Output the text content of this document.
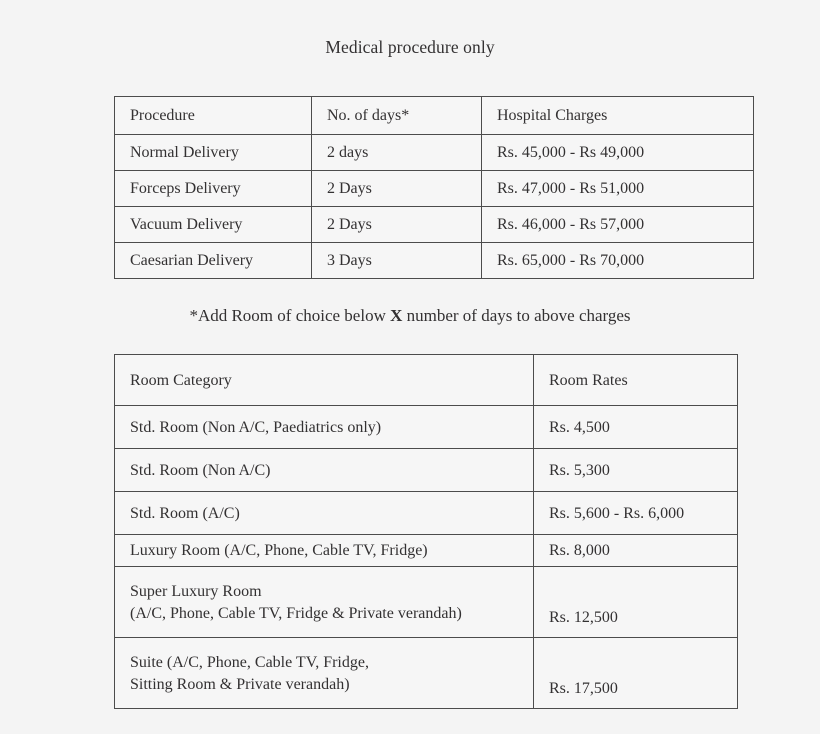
Medical procedure only
Procedure	No. of days*	Hospital Charges
Normal Delivery	2 days	Rs. 45,000 - Rs 49,000
Forceps Delivery	2 Days	Rs. 47,000 - Rs 51,000
Vacuum Delivery	2 Days	Rs. 46,000 - Rs 57,000
Caesarian Delivery	3 Days	Rs. 65,000 - Rs 70,000
*Add Room of choice below X number of days to above charges
Room Category	Room Rates
Std. Room (Non A/C, Paediatrics only)	Rs. 4,500
Std. Room (Non A/C)	Rs. 5,300
Std. Room (A/C)	Rs. 5,600 - Rs. 6,000
Luxury Room (A/C, Phone, Cable TV, Fridge)	Rs. 8,000

Super Luxury Room
(A/C, Phone, Cable TV, Fridge & Private verandah)	Rs. 12,500

Suite (A/C, Phone, Cable TV, Fridge,
Sitting Room & Private verandah)	Rs. 17,500
